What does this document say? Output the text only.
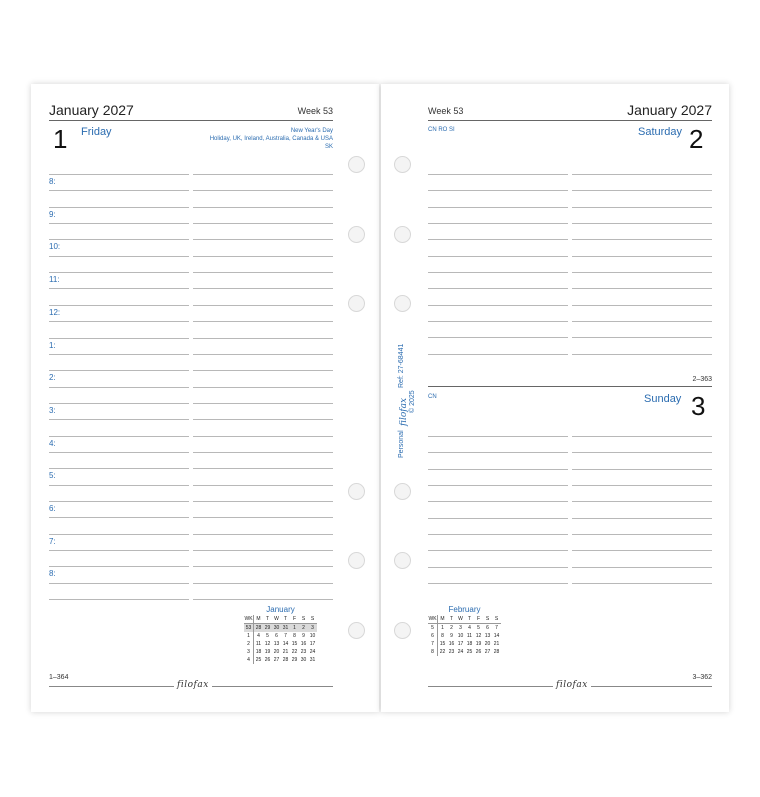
January 2027	Week 53
1 Friday	New Year's Day
Holiday, UK, Ireland, Australia, Canada & USA
SK
8:
9:
10:
11:
12:
1:
2:
3:
4:
5:
6:
7:
8:
January
WK	M	T	W	T	F	S	S
53	28	29	30	31	1	2	3
1	4	5	6	7	8	9	10
2	11	12	13	14	15	16	17
3	18	19	20	21	22	23	24
4	25	26	27	28	29	30	31
1–364
filofax
Week 53	January 2027
CN RO SI	Saturday 2
2–363
CN	Sunday 3
February
WK	M	T	W	T	F	S	S
5	1	2	3	4	5	6	7
6	8	9	10	11	12	13	14
7	15	16	17	18	19	20	21
8	22	23	24	25	26	27	28
filofax
3–362
Personal
filofax
Ref: 27-68441
© 2025
